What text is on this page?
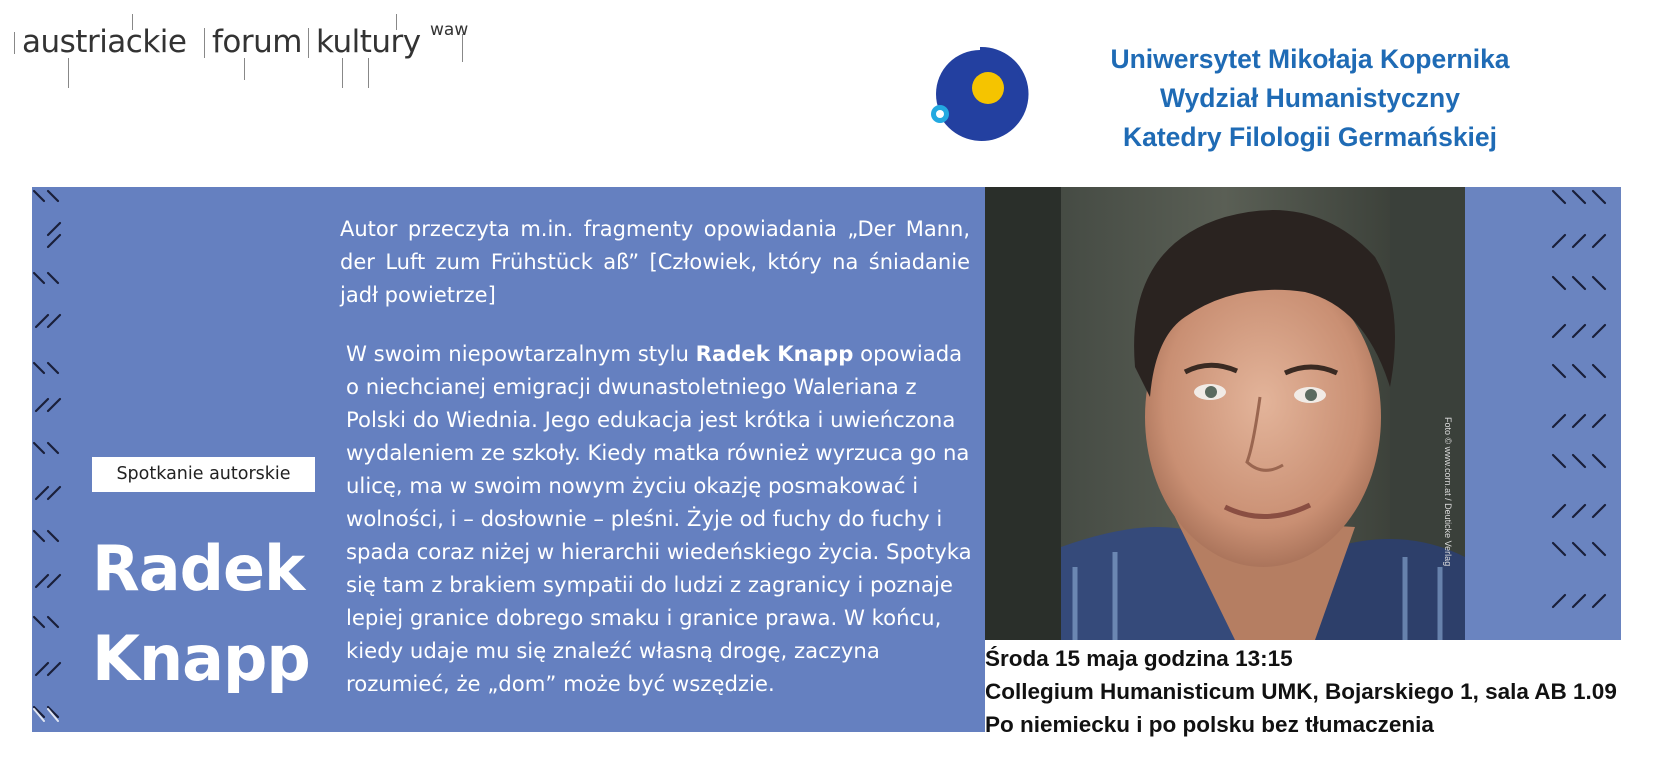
austriackie forum kultury waw
Uniwersytet Mikołaja Kopernika
Wydział Humanistyczny
Katedry Filologii Germańskiej
Spotkanie autorskie
Radek
Knapp
Autor przeczyta m.in. fragmenty opowiadania „Der Mann, der Luft zum Frühstück aß” [Człowiek, który na śniadanie jadł powietrze]
W swoim niepowtarzalnym stylu Radek Knapp opowiada o niechcianej emigracji dwunastoletniego Waleriana z Polski do Wiednia. Jego edukacja jest krótka i uwieńczona wydaleniem ze szkoły. Kiedy matka również wyrzuca go na ulicę, ma w swoim nowym życiu okazję posmakować i wolności, i – dosłownie – pleśni. Żyje od fuchy do fuchy i spada coraz niżej w hierarchii wiedeńskiego życia. Spotyka się tam z brakiem sympatii do ludzi z zagranicy i poznaje lepiej granice dobrego smaku i granice prawa. W końcu, kiedy udaje mu się znaleźć własną drogę, zaczyna rozumieć, że „dom” może być wszędzie.
Foto © www.corn.at / Deuticke Verlag
Środa 15 maja godzina 13:15
Collegium Humanisticum UMK, Bojarskiego 1, sala AB 1.09
Po niemiecku i po polsku bez tłumaczenia
